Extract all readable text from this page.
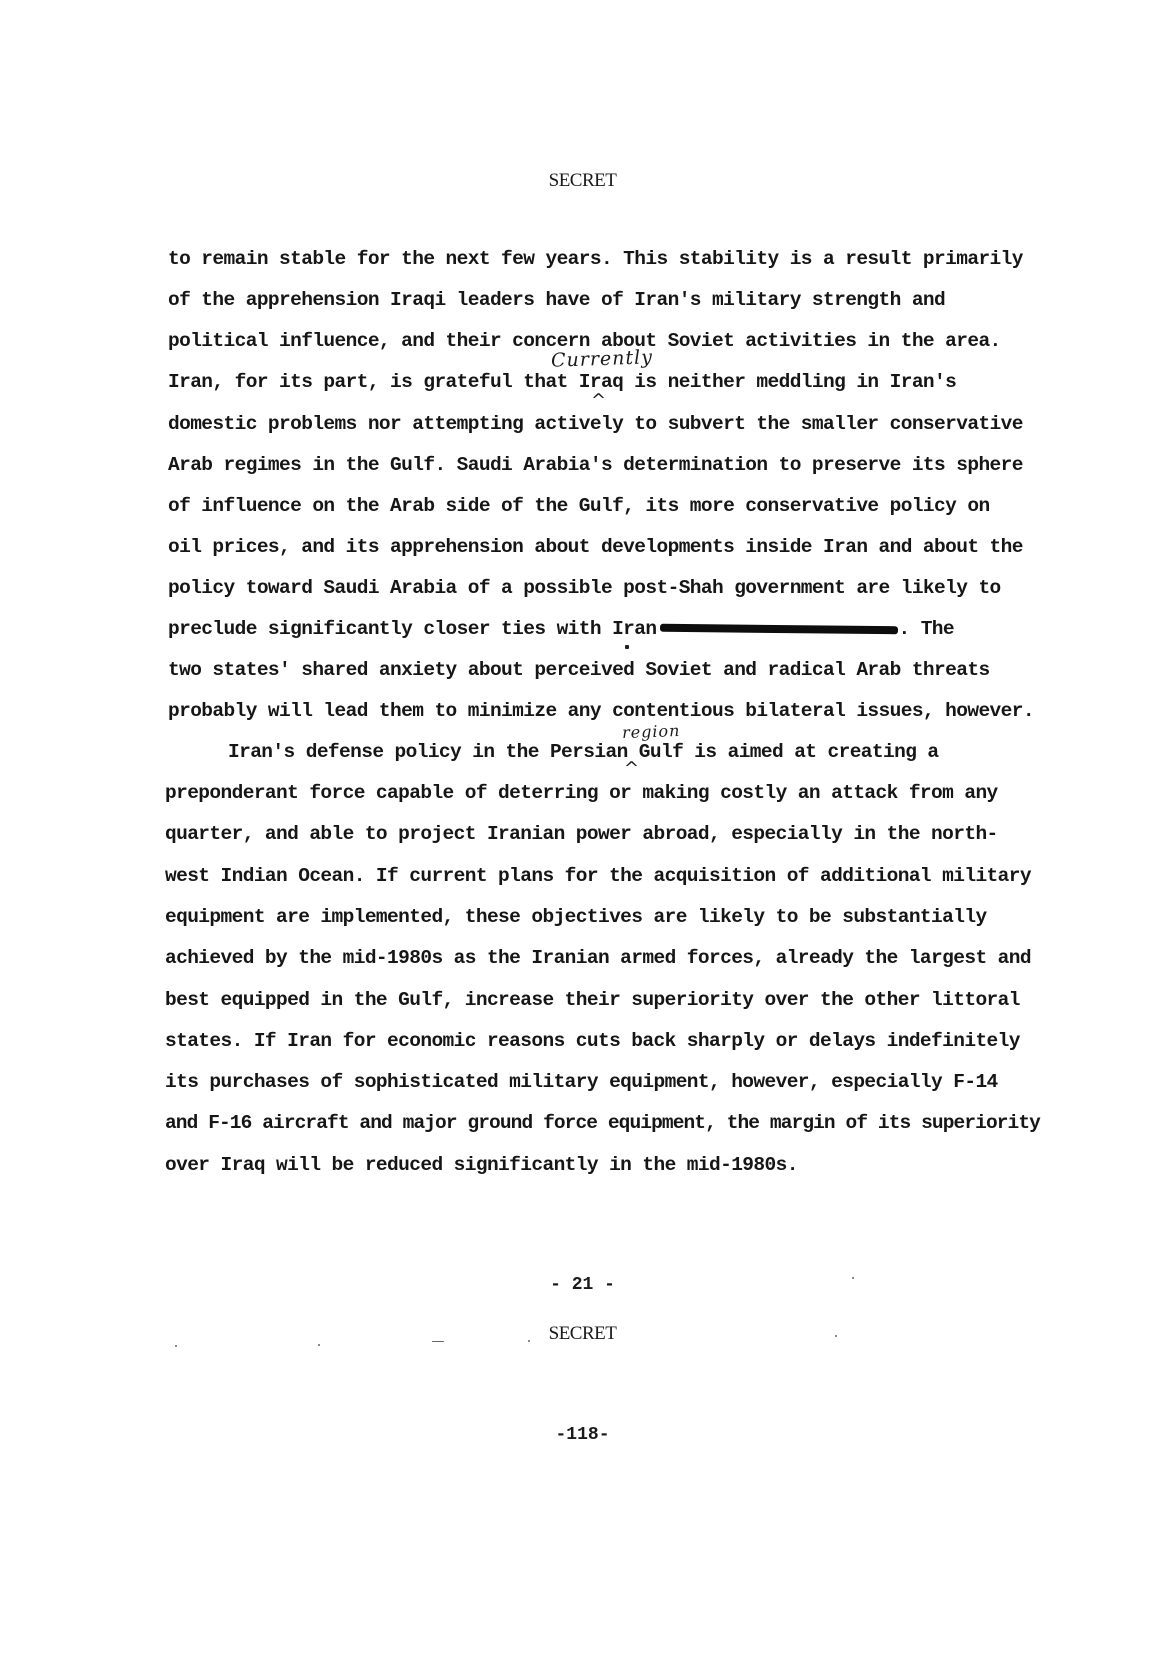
SECRET
Currently
^
region
^
to remain stable for the next few years. This stability is a result primarily
of the apprehension Iraqi leaders have of Iran's military strength and
political influence, and their concern about Soviet activities in the area.
Iran, for its part, is grateful that Iraq is neither meddling in Iran's
domestic problems nor attempting actively to subvert the smaller conservative
Arab regimes in the Gulf. Saudi Arabia's determination to preserve its sphere
of influence on the Arab side of the Gulf, its more conservative policy on
oil prices, and its apprehension about developments inside Iran and about the
policy toward Saudi Arabia of a possible post-Shah government are likely to
preclude significantly closer ties with Iran	. The
two states' shared anxiety about perceived Soviet and radical Arab threats
probably will lead them to minimize any contentious bilateral issues, however.
Iran's defense policy in the Persian Gulf is aimed at creating a
preponderant force capable of deterring or making costly an attack from any
quarter, and able to project Iranian power abroad, especially in the north-
west Indian Ocean. If current plans for the acquisition of additional military
equipment are implemented, these objectives are likely to be substantially
achieved by the mid-1980s as the Iranian armed forces, already the largest and
best equipped in the Gulf, increase their superiority over the other littoral
states. If Iran for economic reasons cuts back sharply or delays indefinitely
its purchases of sophisticated military equipment, however, especially F-14
and F-16 aircraft and major ground force equipment, the margin of its superiority
over Iraq will be reduced significantly in the mid-1980s.
- 21 -
SECRET
-118-
